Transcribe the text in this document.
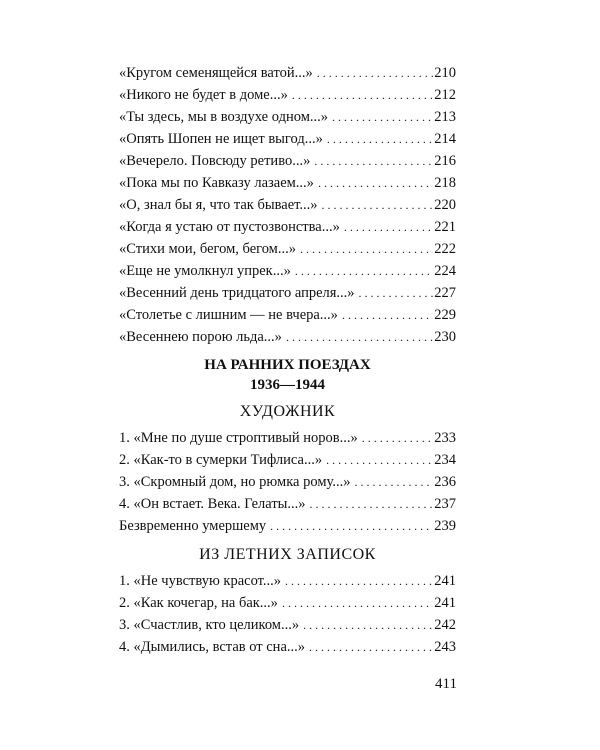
«Кругом семенящейся ватой...» . . .	210
«Никого не будет в доме...» . . .	212
«Ты здесь, мы в воздухе одном...» . . .	213
«Опять Шопен не ищет выгод...» . . .	214
«Вечерело. Повсюду ретиво...» . . .	216
«Пока мы по Кавказу лазаем...» . . .	218
«О, знал бы я, что так бывает...» . . .	220
«Когда я устаю от пустозвонства...» . . .	221
«Стихи мои, бегом, бегом...» . . .	222
«Еще не умолкнул упрек...» . . .	224
«Весенний день тридцатого апреля...» . . .	227
«Столетье с лишним — не вчера...» . . .	229
«Весеннею порою льда...» . . .	230
НА РАННИХ ПОЕЗДАХ
1936—1944
ХУДОЖНИК
1. «Мне по душе строптивый норов...» . . .	233
2. «Как-то в сумерки Тифлиса...» . . .	234
3. «Скромный дом, но рюмка рому...» . . .	236
4. «Он встает. Века. Гелаты...» . . .	237
Безвременно умершему . . .	239
ИЗ ЛЕТНИХ ЗАПИСОК
1. «Не чувствую красот...» . . .	241
2. «Как кочегар, на бак...» . . .	241
3. «Счастлив, кто целиком...» . . .	242
4. «Дымились, встав от сна...» . . .	243
411
